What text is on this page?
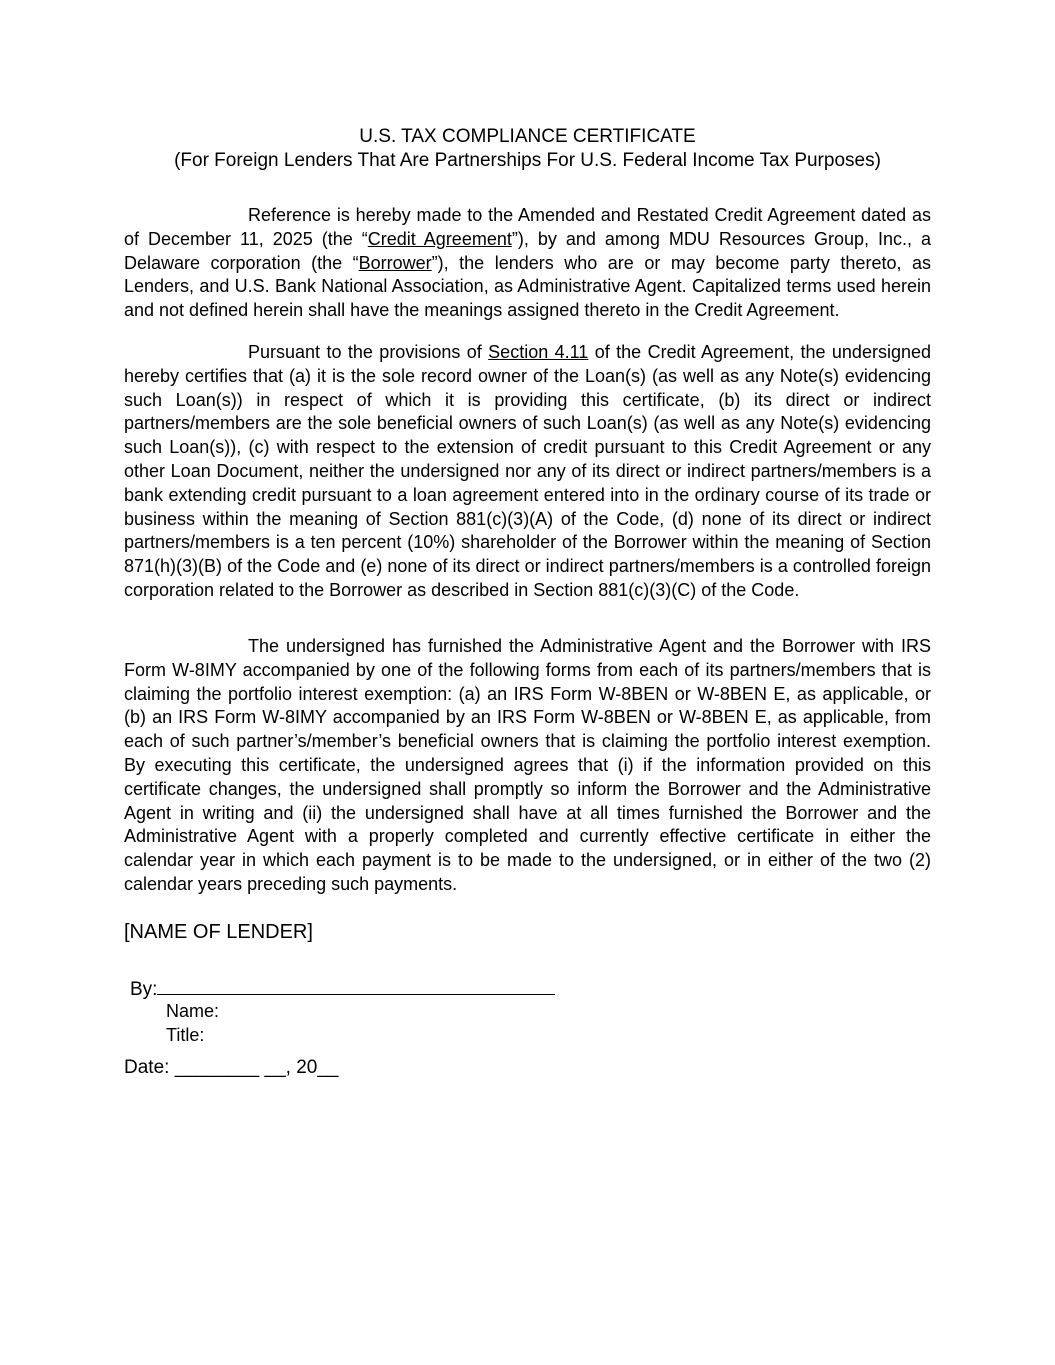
U.S. TAX COMPLIANCE CERTIFICATE
(For Foreign Lenders That Are Partnerships For U.S. Federal Income Tax Purposes)

Reference is hereby made to the Amended and Restated Credit Agreement dated as of December 11, 2025 (the “Credit Agreement”), by and among MDU Resources Group, Inc., a Delaware corporation (the “Borrower”), the lenders who are or may become party thereto, as Lenders, and U.S. Bank National Association, as Administrative Agent. Capitalized terms used herein and not defined herein shall have the meanings assigned thereto in the Credit Agreement.

Pursuant to the provisions of Section 4.11 of the Credit Agreement, the undersigned hereby certifies that (a) it is the sole record owner of the Loan(s) (as well as any Note(s) evidencing such Loan(s)) in respect of which it is providing this certificate, (b) its direct or indirect partners/members are the sole beneficial owners of such Loan(s) (as well as any Note(s) evidencing such Loan(s)), (c) with respect to the extension of credit pursuant to this Credit Agreement or any other Loan Document, neither the undersigned nor any of its direct or indirect partners/members is a bank extending credit pursuant to a loan agreement entered into in the ordinary course of its trade or business within the meaning of Section 881(c)(3)(A) of the Code, (d) none of its direct or indirect partners/members is a ten percent (10%) shareholder of the Borrower within the meaning of Section 871(h)(3)(B) of the Code and (e) none of its direct or indirect partners/members is a controlled foreign corporation related to the Borrower as described in Section 881(c)(3)(C) of the Code.

The undersigned has furnished the Administrative Agent and the Borrower with IRS Form W-8IMY accompanied by one of the following forms from each of its partners/members that is claiming the portfolio interest exemption: (a) an IRS Form W-8BEN or W-8BEN E, as applicable, or (b) an IRS Form W-8IMY accompanied by an IRS Form W-8BEN or W-8BEN E, as applicable, from each of such partner’s/member’s beneficial owners that is claiming the portfolio interest exemption. By executing this certificate, the undersigned agrees that (i) if the information provided on this certificate changes, the undersigned shall promptly so inform the Borrower and the Administrative Agent in writing and (ii) the undersigned shall have at all times furnished the Borrower and the Administrative Agent with a properly completed and currently effective certificate in either the calendar year in which each payment is to be made to the undersigned, or in either of the two (2) calendar years preceding such payments.

[NAME OF LENDER]
By:
Name:
Title:
Date: ________ __, 20__
